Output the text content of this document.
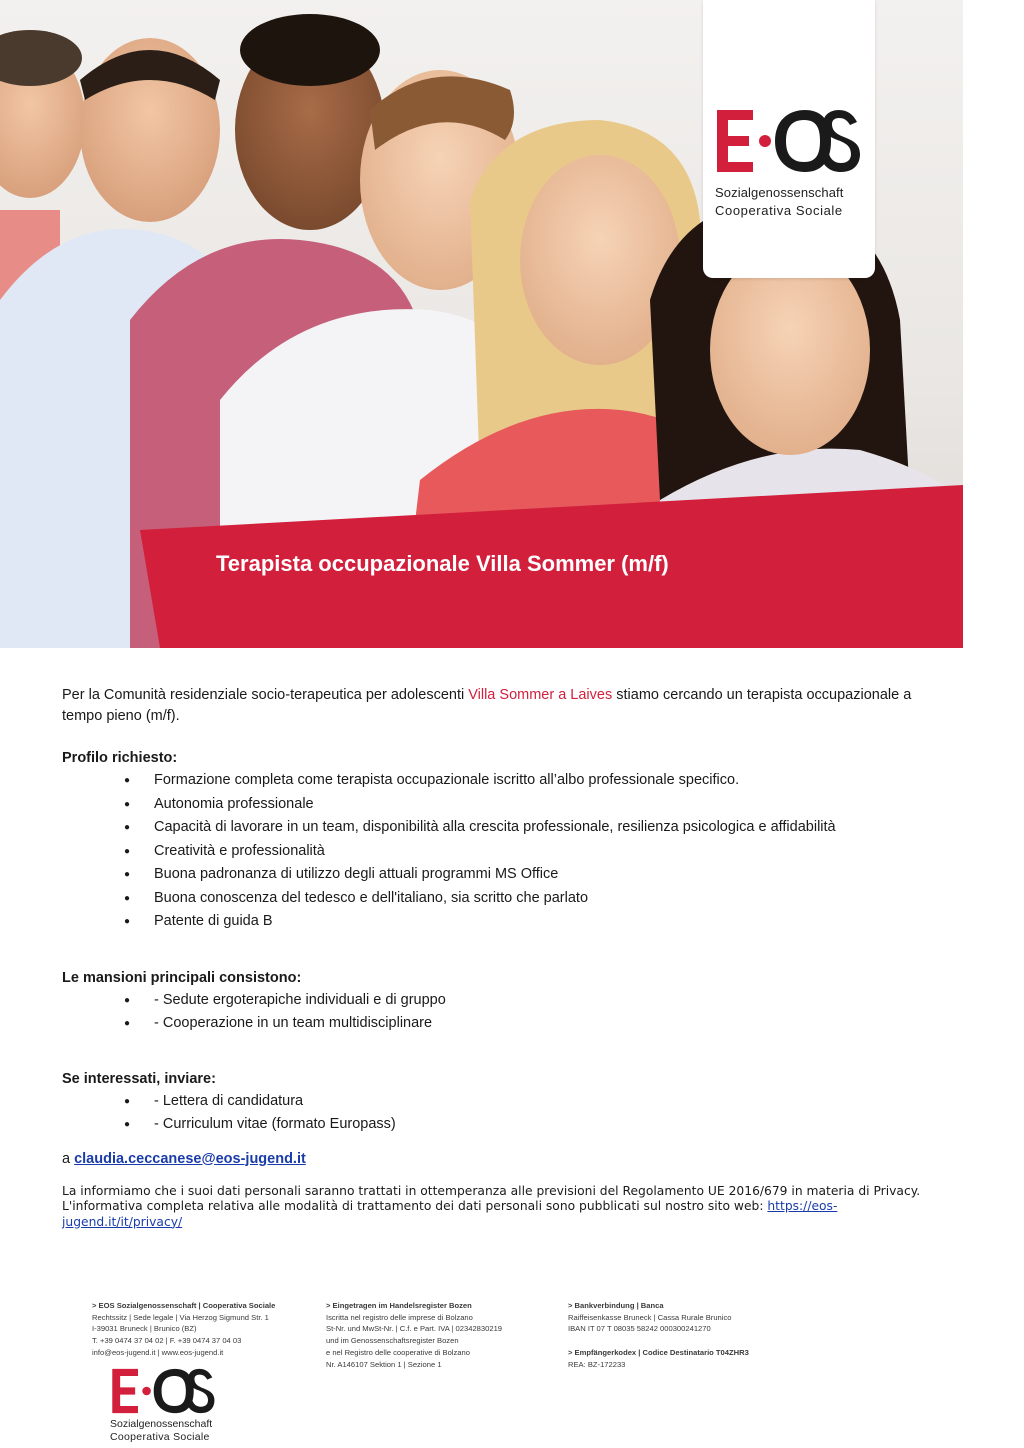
Sozialgenossenschaft
Cooperativa Sociale
Terapista occupazionale Villa Sommer (m/f)

Per la Comunità residenziale socio-terapeutica per adolescenti Villa Sommer a Laives stiamo cercando un terapista occupazionale a tempo pieno (m/f).

Profilo richiesto:

● Formazione completa come terapista occupazionale iscritto all’albo professionale specifico.
● Autonomia professionale
● Capacità di lavorare in un team, disponibilità alla crescita professionale, resilienza psicologica e affidabilità
● Creatività e professionalità
● Buona padronanza di utilizzo degli attuali programmi MS Office
● Buona conoscenza del tedesco e dell'italiano, sia scritto che parlato
● Patente di guida B

Le mansioni principali consistono:

● - Sedute ergoterapiche individuali e di gruppo
● - Cooperazione in un team multidisciplinare

Se interessati, inviare:

● - Lettera di candidatura
● - Curriculum vitae (formato Europass)

a claudia.ceccanese@eos-jugend.it

La informiamo che i suoi dati personali saranno trattati in ottemperanza alle previsioni del Regolamento UE 2016/679 in materia di Privacy. L'informativa completa relativa alle modalità di trattamento dei dati personali sono pubblicati sul nostro sito web: https://eos-jugend.it/it/privacy/

> EOS Sozialgenossenschaft | Cooperativa Sociale
Rechtssitz | Sede legale | Via Herzog Sigmund Str. 1
I-39031 Bruneck | Brunico (BZ)
T. +39 0474 37 04 02 | F. +39 0474 37 04 03
info@eos-jugend.it | www.eos-jugend.it
> Eingetragen im Handelsregister Bozen
Iscritta nel registro delle imprese di Bolzano
St-Nr. und MwSt-Nr. | C.f. e Part. IVA | 02342830219
und im Genossenschaftsregister Bozen
e nel Registro delle cooperative di Bolzano
Nr. A146107 Sektion 1 | Sezione 1
> Bankverbindung | Banca
Raiffeisenkasse Bruneck | Cassa Rurale Brunico
IBAN IT 07 T 08035 58242 000300241270
> Empfängerkodex | Codice Destinatario T04ZHR3
REA: BZ-172233
Sozialgenossenschaft
Cooperativa Sociale
